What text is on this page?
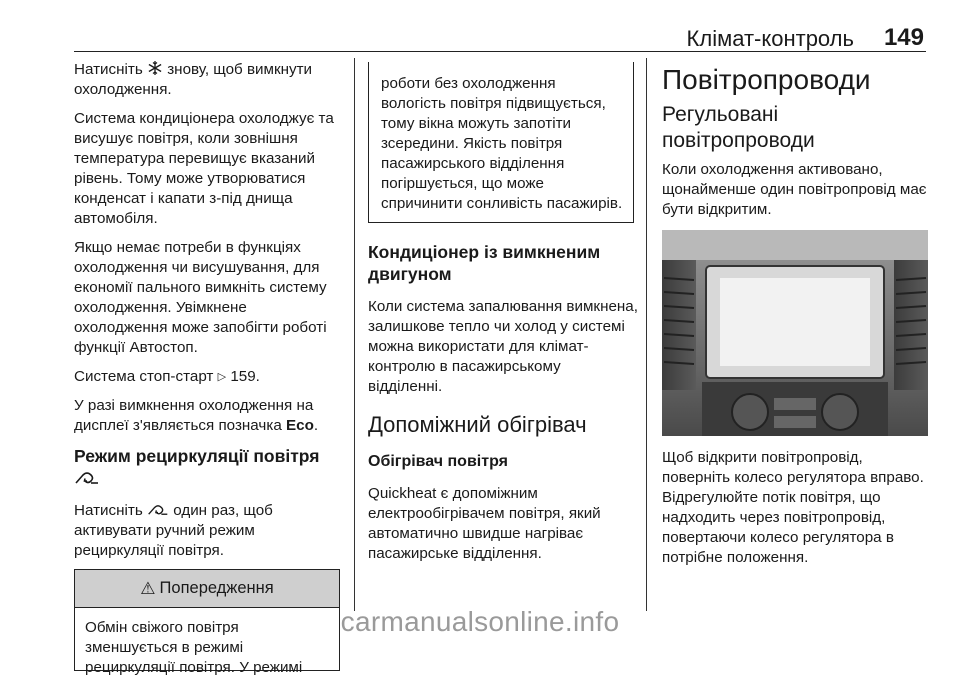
Клімат-контроль 149

Натисніть знову, щоб вимкнути охолодження.

Система кондиціонера охолоджує та висушує повітря, коли зовнішня температура перевищує вказаний рівень. Тому може утворюватися конденсат і капати з-під днища автомобіля.

Якщо немає потреби в функціях охолодження чи висушування, для економії пального вимкніть систему охолодження. Увімкнене охолодження може запобігти роботі функції Автостоп.

Система стоп-старт ▷ 159.

У разі вимкнення охолодження на дисплеї з'являється позначка Eco.

Режим рециркуляції повітря

Натисніть один раз, щоб активувати ручний режим рециркуляції повітря.

⚠ Попередження

Обмін свіжого повітря зменшується в режимі рециркуляції повітря. У режимі

роботи без охолодження вологість повітря підвищується, тому вікна можуть запотіти зсередини. Якість повітря пасажирського відділення погіршується, що може спричинити сонливість пасажирів.

Кондиціонер із вимкненим двигуном

Коли система запалювання вимкнена, залишкове тепло чи холод у системі можна використати для клімат-контролю в пасажирському відділенні.

Допоміжний обігрівач
Обігрівач повітря

Quickheat є допоміжним електрообігрівачем повітря, який автоматично швидше нагріває пасажирське відділення.

Повітропроводи
Регульовані повітропроводи

Коли охолодження активовано, щонайменше один повітропровід має бути відкритим.

Щоб відкрити повітропровід, поверніть колесо регулятора вправо. Відрегулюйте потік повітря, що надходить через повітропровід, повертаючи колесо регулятора в потрібне положення.

carmanualsonline.info
